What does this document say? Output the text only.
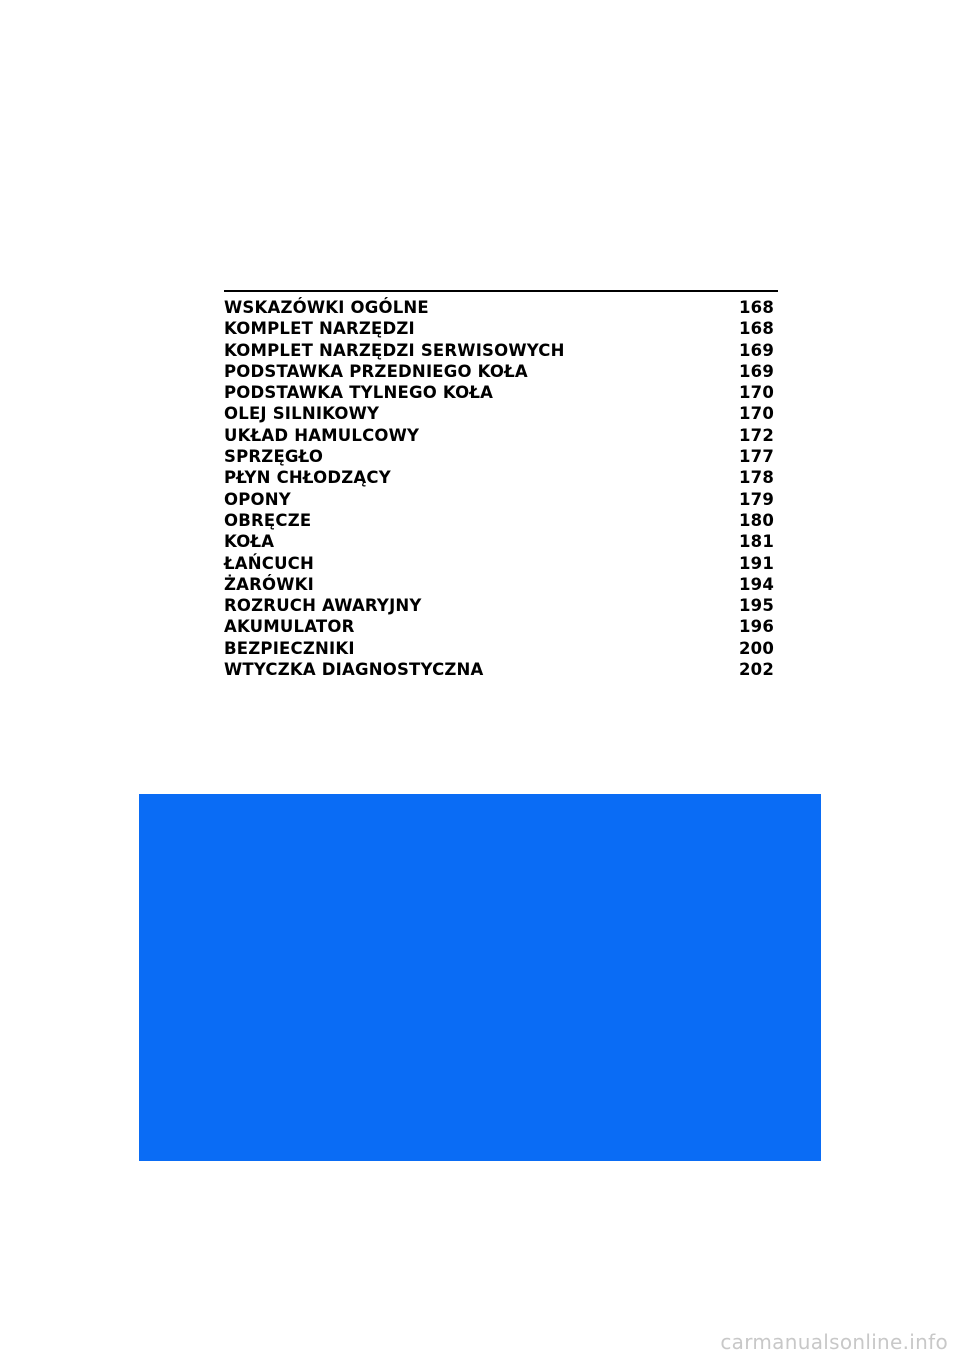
WSKAZÓWKI OGÓLNE	168
KOMPLET NARZĘDZI	168
KOMPLET NARZĘDZI SERWISOWYCH	169
PODSTAWKA PRZEDNIEGO KOŁA	169
PODSTAWKA TYLNEGO KOŁA	170
OLEJ SILNIKOWY	170
UKŁAD HAMULCOWY	172
SPRZĘGŁO	177
PŁYN CHŁODZĄCY	178
OPONY	179
OBRĘCZE	180
KOŁA	181
ŁAŃCUCH	191
ŻARÓWKI	194
ROZRUCH AWARYJNY	195
AKUMULATOR	196
BEZPIECZNIKI	200
WTYCZKA DIAGNOSTYCZNA	202
carmanualsonline.info
